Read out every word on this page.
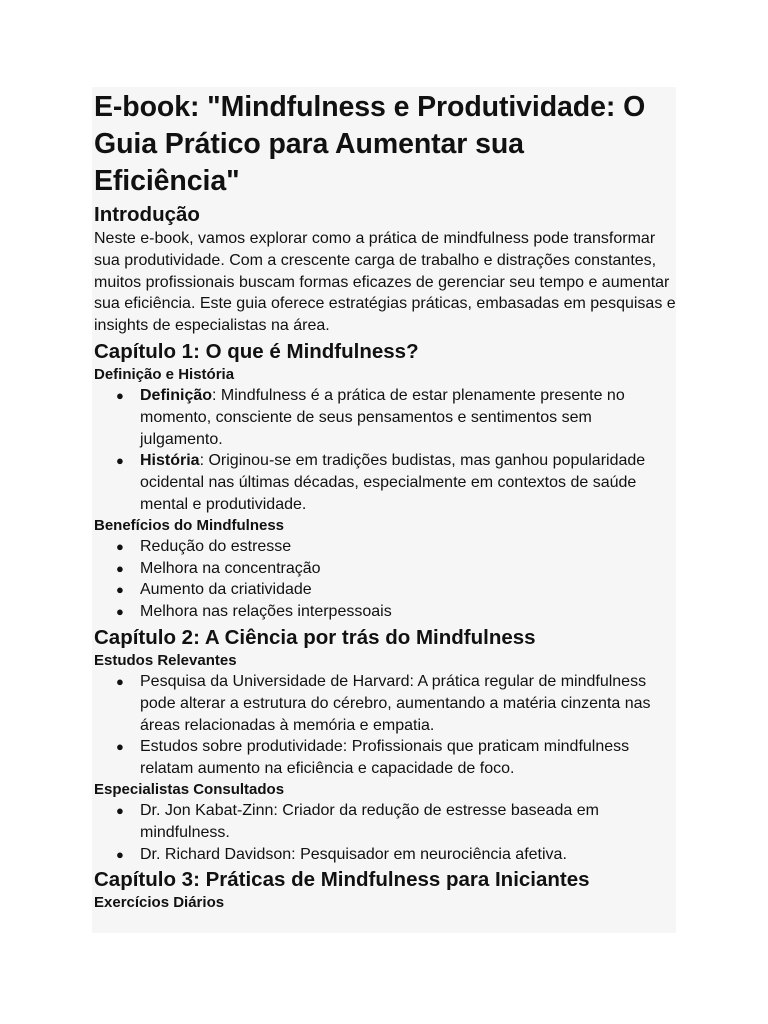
E-book: "Mindfulness e Produtividade: O Guia Prático para Aumentar sua Eficiência"
Introdução

Neste e-book, vamos explorar como a prática de mindfulness pode transformar sua produtividade. Com a crescente carga de trabalho e distrações constantes, muitos profissionais buscam formas eficazes de gerenciar seu tempo e aumentar sua eficiência. Este guia oferece estratégias práticas, embasadas em pesquisas e insights de especialistas na área.

Capítulo 1: O que é Mindfulness?
Definição e História
● Definição: Mindfulness é a prática de estar plenamente presente no momento, consciente de seus pensamentos e sentimentos sem julgamento.
● História: Originou-se em tradições budistas, mas ganhou popularidade ocidental nas últimas décadas, especialmente em contextos de saúde mental e produtividade.
Benefícios do Mindfulness
● Redução do estresse
● Melhora na concentração
● Aumento da criatividade
● Melhora nas relações interpessoais
Capítulo 2: A Ciência por trás do Mindfulness
Estudos Relevantes
● Pesquisa da Universidade de Harvard: A prática regular de mindfulness pode alterar a estrutura do cérebro, aumentando a matéria cinzenta nas áreas relacionadas à memória e empatia.
● Estudos sobre produtividade: Profissionais que praticam mindfulness relatam aumento na eficiência e capacidade de foco.
Especialistas Consultados
● Dr. Jon Kabat-Zinn: Criador da redução de estresse baseada em mindfulness.
● Dr. Richard Davidson: Pesquisador em neurociência afetiva.
Capítulo 3: Práticas de Mindfulness para Iniciantes
Exercícios Diários
